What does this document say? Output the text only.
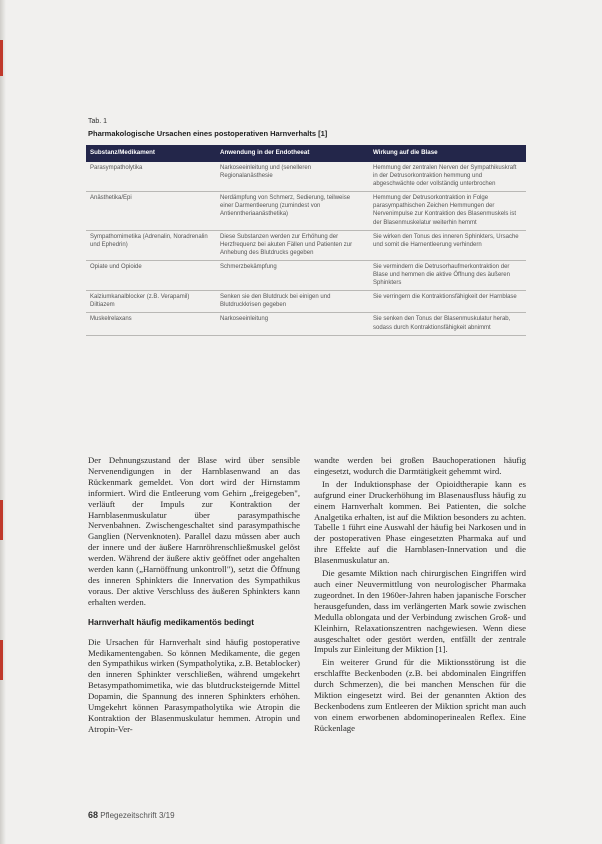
Tab. 1
Pharmakologische Ursachen eines postoperativen Harnverhalts [1]
Substanz/Medikament	Anwendung in der Endotheeat	Wirkung auf die Blase
Parasympatholytika	Narkoseeinleitung und (senelleren Regionalanästhesie	Hemmung der zentralen Nerven der Sympathikuskraft in der Detrusorkontraktion hemmung und abgeschwächte oder vollständig unterbrochen
Anästhetika/Epi	Nerdämpfung von Schmerz, Sedierung, teilweise einer Darmentleerung (zumindest von Antienntheriaanästhetika)	Hemmung der Detrusorkontraktion in Folge parasympathischen Zeichen Hemmungen der Nervenimpulse zur Kontraktion des Blasenmuskels ist der Blasenmuskelatur weiterhin hemmt
Sympathomimetika (Adrenalin, Noradrenalin und Ephedrin)	Diese Substanzen werden zur Erhöhung der Herzfrequenz bei akuten Fällen und Patienten zur Anhebung des Blutdrucks gegeben	Sie wirken den Tonus des inneren Sphinkters, Ursache und somit die Harnentleerung verhindern
Opiate und Opioide	Schmerzbekämpfung	Sie vermindern die Detrusorhaufmerkontraktion der Blase und hemmen die aktive Öffnung des äußeren Sphinkters
Kalziumkanalblocker (z.B. Verapamil) Diltiazem	Senken sie den Blutdruck bei einigen und Blutdruckkrisen gegeben	Sie verringern die Kontraktionsfähigkeit der Harnblase
Muskelrelaxans	Narkoseeinleitung	Sie senken den Tonus der Blasenmuskulatur herab, sodass durch Kontraktionsfähigkeit abnimmt

Der Dehnungszustand der Blase wird über sensible Nervenendigungen in der Harnblasenwand an das Rückenmark gemeldet. Von dort wird der Hirnstamm informiert. Wird die Entleerung vom Gehirn „freigegeben", verläuft der Impuls zur Kontraktion der Harnblasenmuskulatur über parasympathische Nervenbahnen. Zwischengeschaltet sind parasympathische Ganglien (Nervenknoten). Parallel dazu müssen aber auch der innere und der äußere Harnröhrenschließmuskel gelöst werden. Während der äußere aktiv geöffnet oder angehalten werden kann („Harnöffnung unkontroll"), setzt die Öffnung des inneren Sphinkters die Innervation des Sympathikus voraus. Der aktive Verschluss des äußeren Sphinkters kann erhalten werden.

Harnverhalt häufig medikamentös bedingt

Die Ursachen für Harnverhalt sind häufig postoperative Medikamentengaben. So können Medikamente, die gegen den Sympathikus wirken (Sympatholytika, z.B. Betablocker) den inneren Sphinkter verschließen, während umgekehrt Betasympathomimetika, wie das blutdrucksteigernde Mittel Dopamin, die Spannung des inneren Sphinkters erhöhen. Umgekehrt können Parasympatholytika wie Atropin die Kontraktion der Blasenmuskulatur hemmen. Atropin und Atropin-Ver-

wandte werden bei großen Bauchoperationen häufig eingesetzt, wodurch die Darmtätigkeit gehemmt wird.

In der Induktionsphase der Opioidtherapie kann es aufgrund einer Druckerhöhung im Blasenausfluss häufig zu einem Harnverhalt kommen. Bei Patienten, die solche Analgetika erhalten, ist auf die Miktion besonders zu achten. Tabelle 1 führt eine Auswahl der häufig bei Narkosen und in der postoperativen Phase eingesetzten Pharmaka auf und ihre Effekte auf die Harnblasen-Innervation und die Blasenmuskulatur an.

Die gesamte Miktion nach chirurgischen Eingriffen wird auch einer Neuvermittlung von neurologischer Pharmaka zugeordnet. In den 1960er-Jahren haben japanische Forscher herausgefunden, dass im verlängerten Mark sowie zwischen Medulla oblongata und der Verbindung zwischen Groß- und Kleinhirn, Relaxationszentren nachgewiesen. Wenn diese ausgeschaltet oder gestört werden, entfällt der zentrale Impuls zur Einleitung der Miktion [1].

Ein weiterer Grund für die Miktionsstörung ist die erschlaffte Beckenboden (z.B. bei abdominalen Eingriffen durch Schmerzen), die bei manchen Menschen für die Miktion eingesetzt wird. Bei der genannten Aktion des Beckenbodens zum Entleeren der Miktion spricht man auch von einem erworbenen abdominoperinealen Reflex. Eine Rückenlage

68 Pflegezeitschrift 3/19
